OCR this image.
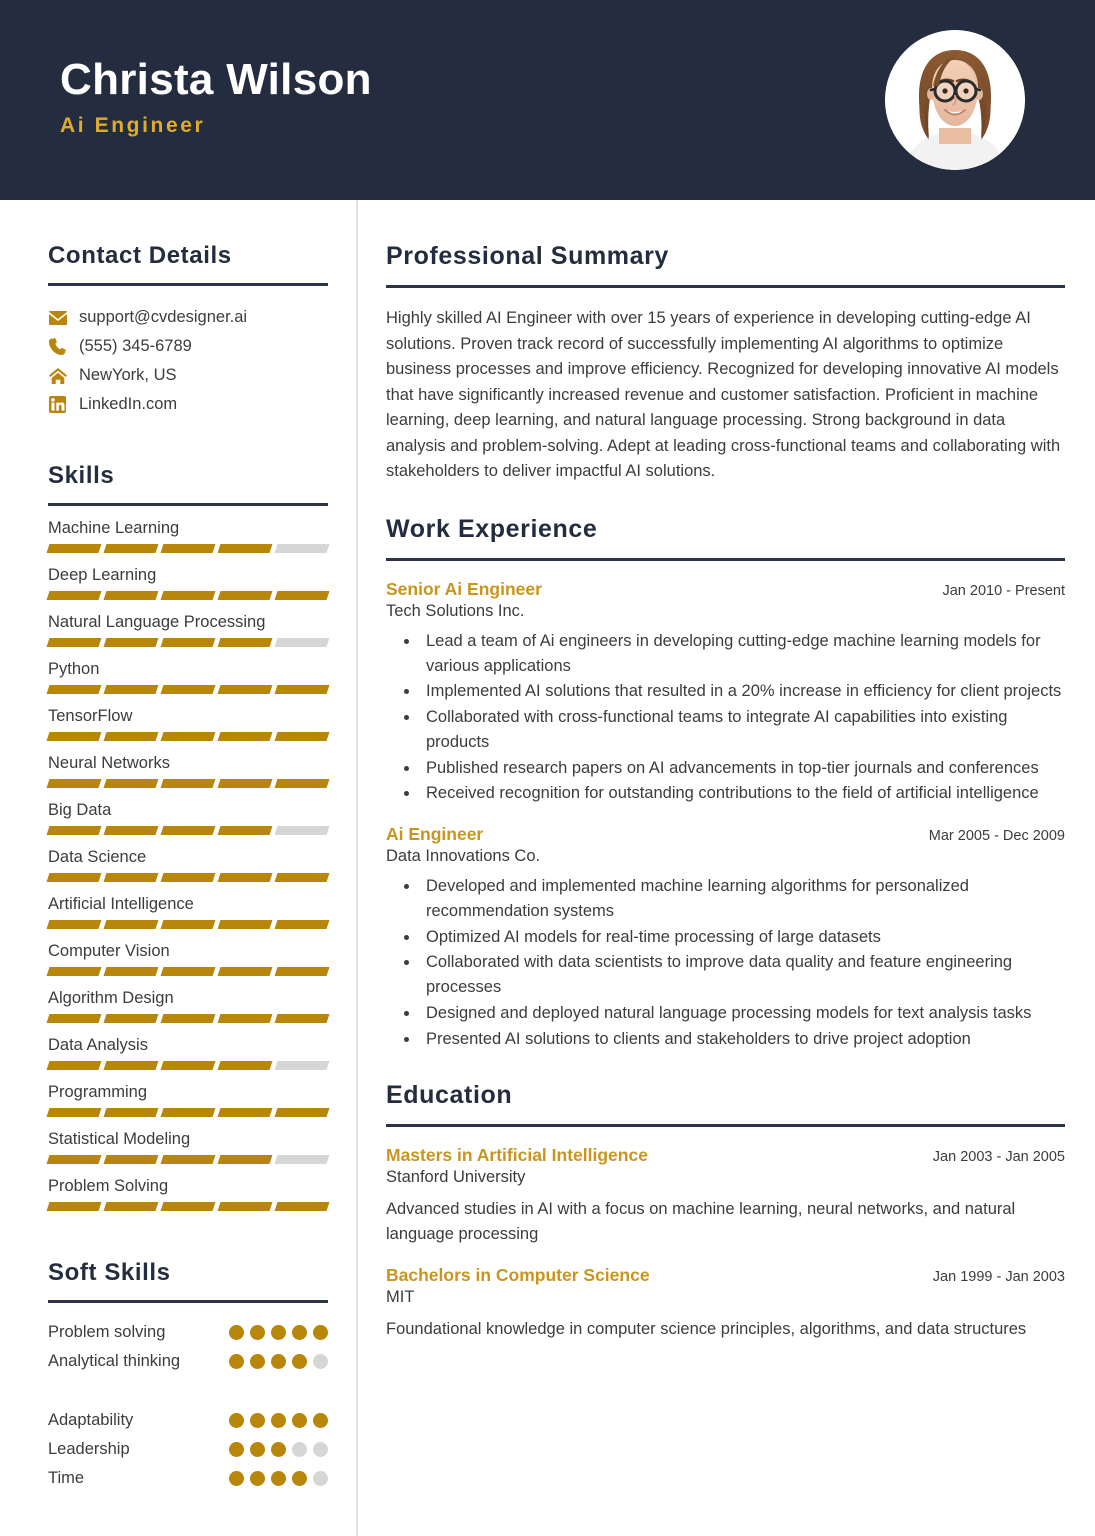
Christa Wilson
Ai Engineer
Contact Details
support@cvdesigner.ai
(555) 345-6789
NewYork, US
LinkedIn.com
Skills
Machine Learning
Deep Learning
Natural Language Processing
Python
TensorFlow
Neural Networks
Big Data
Data Science
Artificial Intelligence
Computer Vision
Algorithm Design
Data Analysis
Programming
Statistical Modeling
Problem Solving
Soft Skills
Problem solving
Analytical thinking
Adaptability
Leadership
Time
Professional Summary

Highly skilled AI Engineer with over 15 years of experience in developing cutting-edge AI solutions. Proven track record of successfully implementing AI algorithms to optimize business processes and improve efficiency. Recognized for developing innovative AI models that have significantly increased revenue and customer satisfaction. Proficient in machine learning, deep learning, and natural language processing. Strong background in data analysis and problem-solving. Adept at leading cross-functional teams and collaborating with stakeholders to deliver impactful AI solutions.

Work Experience
Senior Ai Engineer	Jan 2010 - Present
Tech Solutions Inc.
• Lead a team of Ai engineers in developing cutting-edge machine learning models for various applications
• Implemented AI solutions that resulted in a 20% increase in efficiency for client projects
• Collaborated with cross-functional teams to integrate AI capabilities into existing products
• Published research papers on AI advancements in top-tier journals and conferences
• Received recognition for outstanding contributions to the field of artificial intelligence
Ai Engineer	Mar 2005 - Dec 2009
Data Innovations Co.
• Developed and implemented machine learning algorithms for personalized recommendation systems
• Optimized AI models for real-time processing of large datasets
• Collaborated with data scientists to improve data quality and feature engineering processes
• Designed and deployed natural language processing models for text analysis tasks
• Presented AI solutions to clients and stakeholders to drive project adoption
Education
Masters in Artificial Intelligence	Jan 2003 - Jan 2005
Stanford University
Advanced studies in AI with a focus on machine learning, neural networks, and natural language processing
Bachelors in Computer Science	Jan 1999 - Jan 2003
MIT
Foundational knowledge in computer science principles, algorithms, and data structures
